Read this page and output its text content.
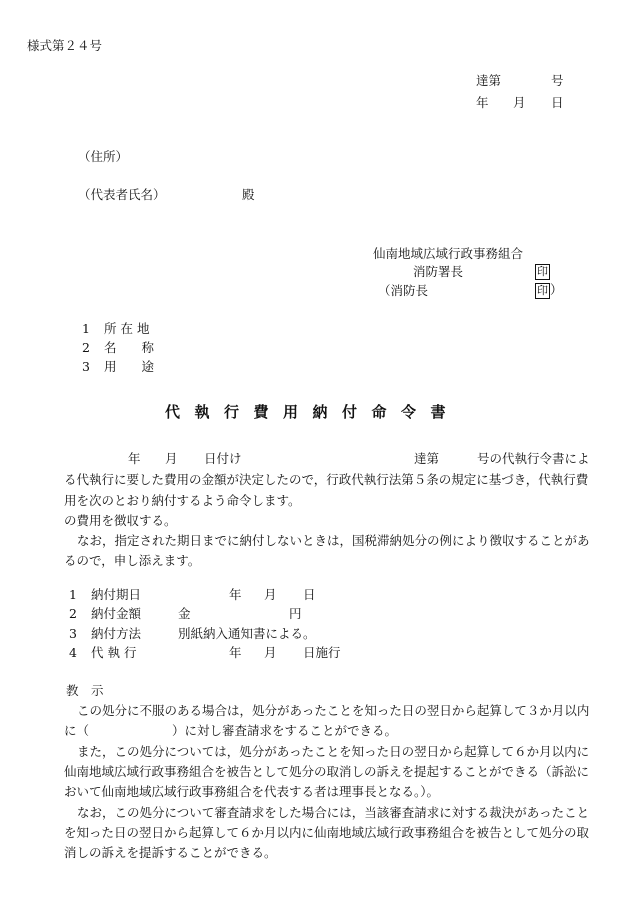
様式第２４号
達第	号
年 月 日
（住所）
（代表者氏名）	殿
仙南地域広域行政事務組合
消防署長	印
（消防長	印 ）
1 所 在 地
2 名　　称
3 用　　途
代執行費用納付命令書
年 月 日付け	達第	号の代執行令書によ
る代執行に要した費用の金額が決定したので，行政代執行法第５条の規定に基づき，代執行費
用を次のとおり納付するよう命令します。
の費用を徴収する。
なお，指定された期日までに納付しないときは，国税滞納処分の例により徴収することがあ
るので，申し添えます。
1 納付期日	年 月 日
2 納付金額	金	円
3 納付方法	別紙納入通知書による。
4 代 執 行	年 月 日施行
教　示
この処分に不服のある場合は，処分があったことを知った日の翌日から起算して３か月以内
に（	）に対し審査請求をすることができる。
また，この処分については，処分があったことを知った日の翌日から起算して６か月以内に
仙南地域広域行政事務組合を被告として処分の取消しの訴えを提起することができる（訴訟に
おいて仙南地域広域行政事務組合を代表する者は理事長となる。）。
なお，この処分について審査請求をした場合には，当該審査請求に対する裁決があったこと
を知った日の翌日から起算して６か月以内に仙南地域広域行政事務組合を被告として処分の取
消しの訴えを提訴することができる。
